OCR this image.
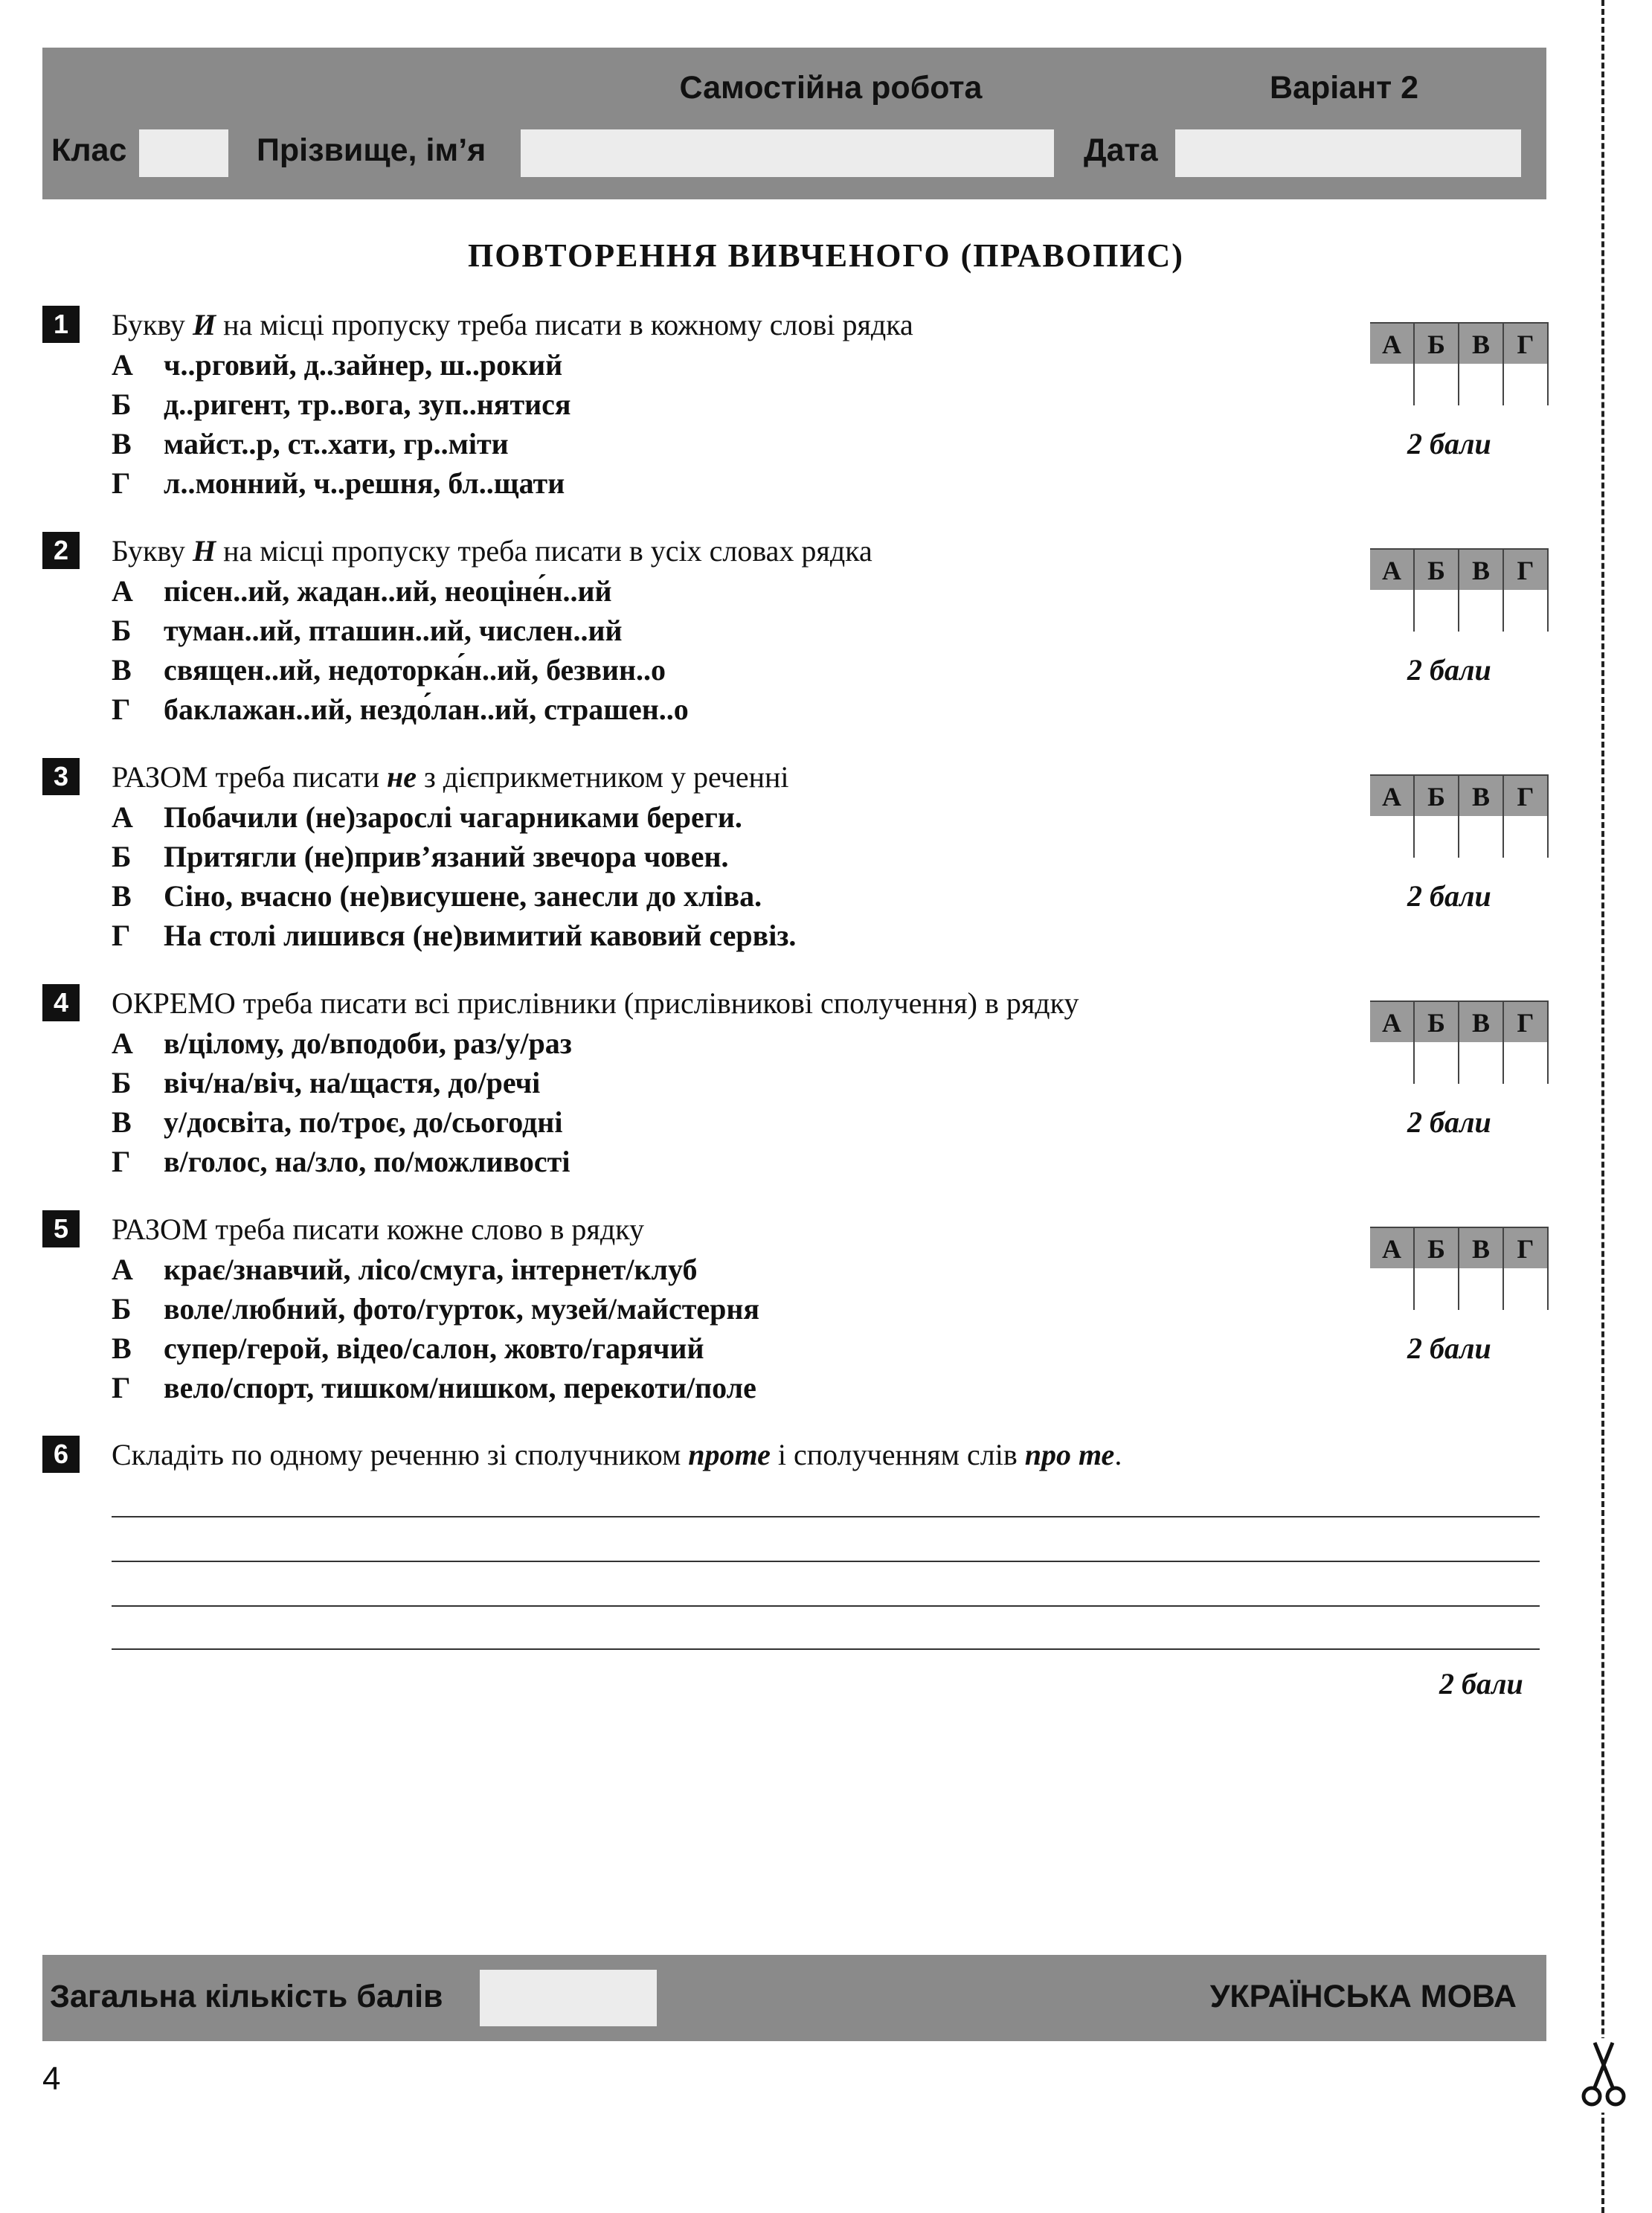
Самостійна робота	Варіант 2
Клас	Прізвище, ім’я	Дата
ПОВТОРЕННЯ ВИВЧЕНОГО (ПРАВОПИС)
1	Букву И на місці пропуску треба писати в кожному слові рядка
А ч..рговий, д..зайнер, ш..рокий
Б д..ригент, тр..вога, зуп..нятися
В майст..р, ст..хати, гр..міти
Г л..монний, ч..решня, бл..щати
А Б	В	Г
2 бали
2	Букву Н на місці пропуску треба писати в усіх словах рядка
А пісен..ий, жадан..ий, неоціне́н..ий
Б туман..ий, пташин..ий, числен..ий
В священ..ий, недоторка́н..ий, безвин..о
Г баклажан..ий, нездо́лан..ий, страшен..о
А Б	В	Г
2 бали
3	РАЗОМ треба писати не з дієприкметником у реченні
А Побачили (не)зарослі чагарниками береги.
Б Притягли (не)прив’язаний звечора човен.
В Сіно, вчасно (не)висушене, занесли до хліва.
Г На столі лишився (не)вимитий кавовий сервіз.
А Б	В	Г
2 бали
4	ОКРЕМО треба писати всі прислівники (прислівникові сполучення) в рядку
А в/цілому, до/вподоби, раз/у/раз
Б віч/на/віч, на/щастя, до/речі
В у/досвіта, по/троє, до/сьогодні
Г в/голос, на/зло, по/можливості
А Б	В	Г
2 бали
5	РАЗОМ треба писати кожне слово в рядку
А крає/знавчий, лісо/смуга, інтернет/клуб
Б воле/любний, фото/гурток, музей/майстерня
В супер/герой, відео/салон, жовто/гарячий
Г вело/спорт, тишком/нишком, перекоти/поле
А Б	В	Г
2 бали
6	Складіть по одному реченню зі сполучником проте і сполученням слів про те.
2 бали
Загальна кількість балів	УКРАЇНСЬКА МОВА
4
